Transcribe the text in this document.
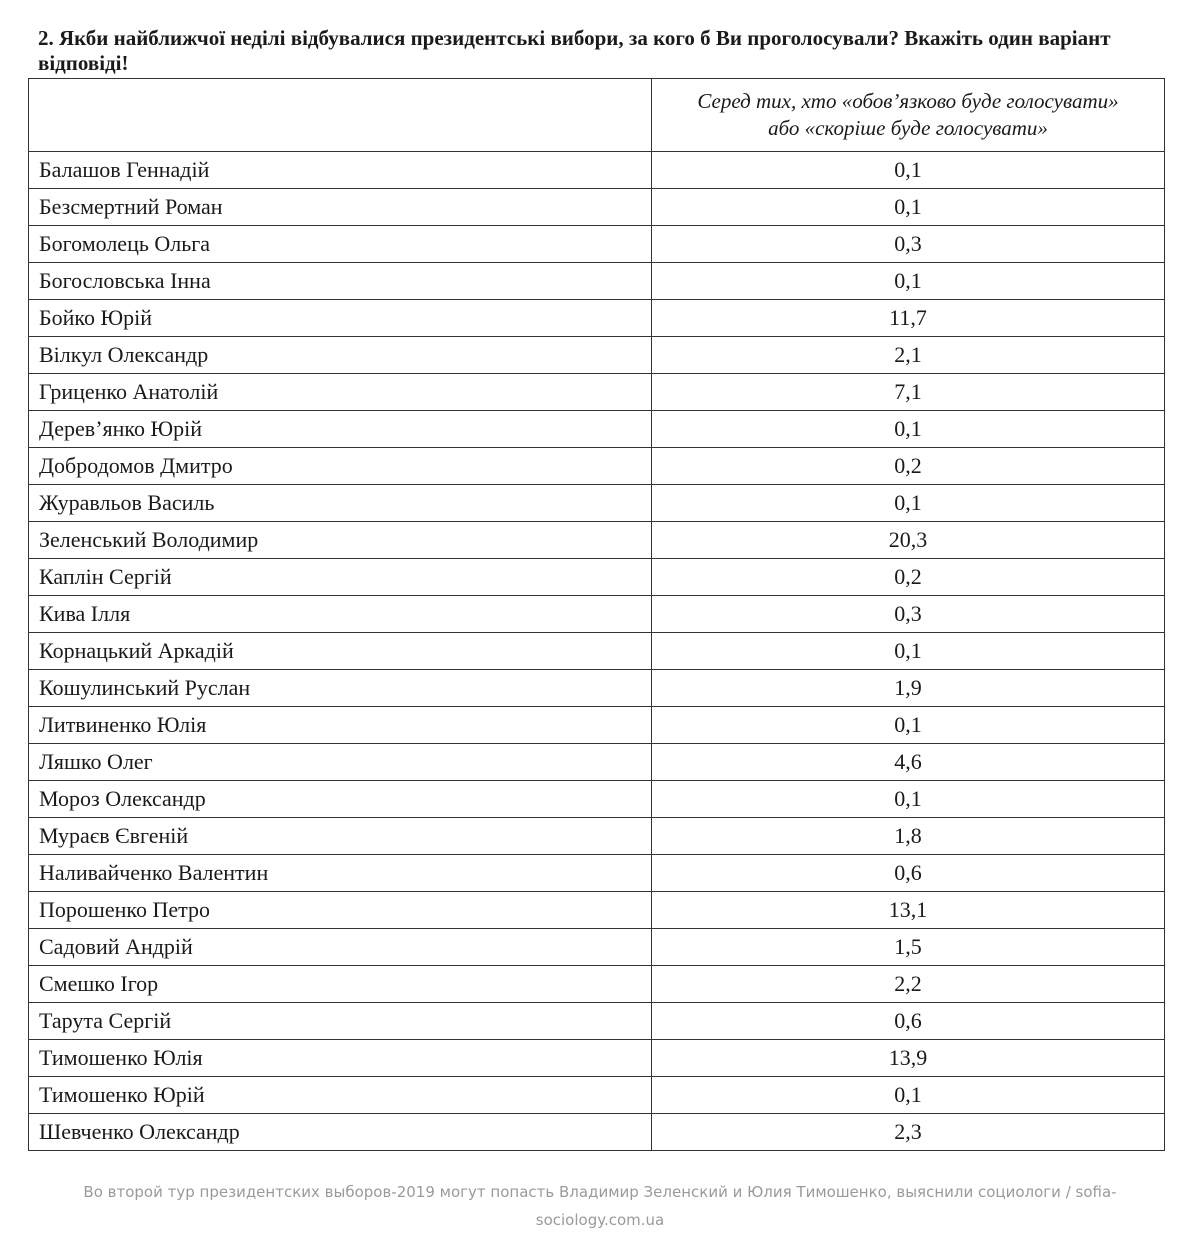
2. Якби найближчої неділі відбувалися президентські вибори, за кого б Ви проголосували? Вкажіть один варіант відповіді!

	Серед тих, хто «обов’язково буде голосувати»
або «скоріше буде голосувати»

Балашов Геннадій	0,1
Безсмертний Роман	0,1
Богомолець Ольга	0,3
Богословська Інна	0,1
Бойко Юрій	11,7
Вілкул Олександр	2,1
Гриценко Анатолій	7,1
Дерев’янко Юрій	0,1
Добродомов Дмитро	0,2
Журавльов Василь	0,1
Зеленський Володимир	20,3
Каплін Сергій	0,2
Кива Ілля	0,3
Корнацький Аркадій	0,1
Кошулинський Руслан	1,9
Литвиненко Юлія	0,1
Ляшко Олег	4,6
Мороз Олександр	0,1
Мураєв Євгеній	1,8
Наливайченко Валентин	0,6
Порошенко Петро	13,1
Садовий Андрій	1,5
Смешко Ігор	2,2
Тарута Сергій	0,6
Тимошенко Юлія	13,9
Тимошенко Юрій	0,1
Шевченко Олександр	2,3

Во второй тур президентских выборов-2019 могут попасть Владимир Зеленский и Юлия Тимошенко, выяснили социологи / sofia-sociology.com.ua
